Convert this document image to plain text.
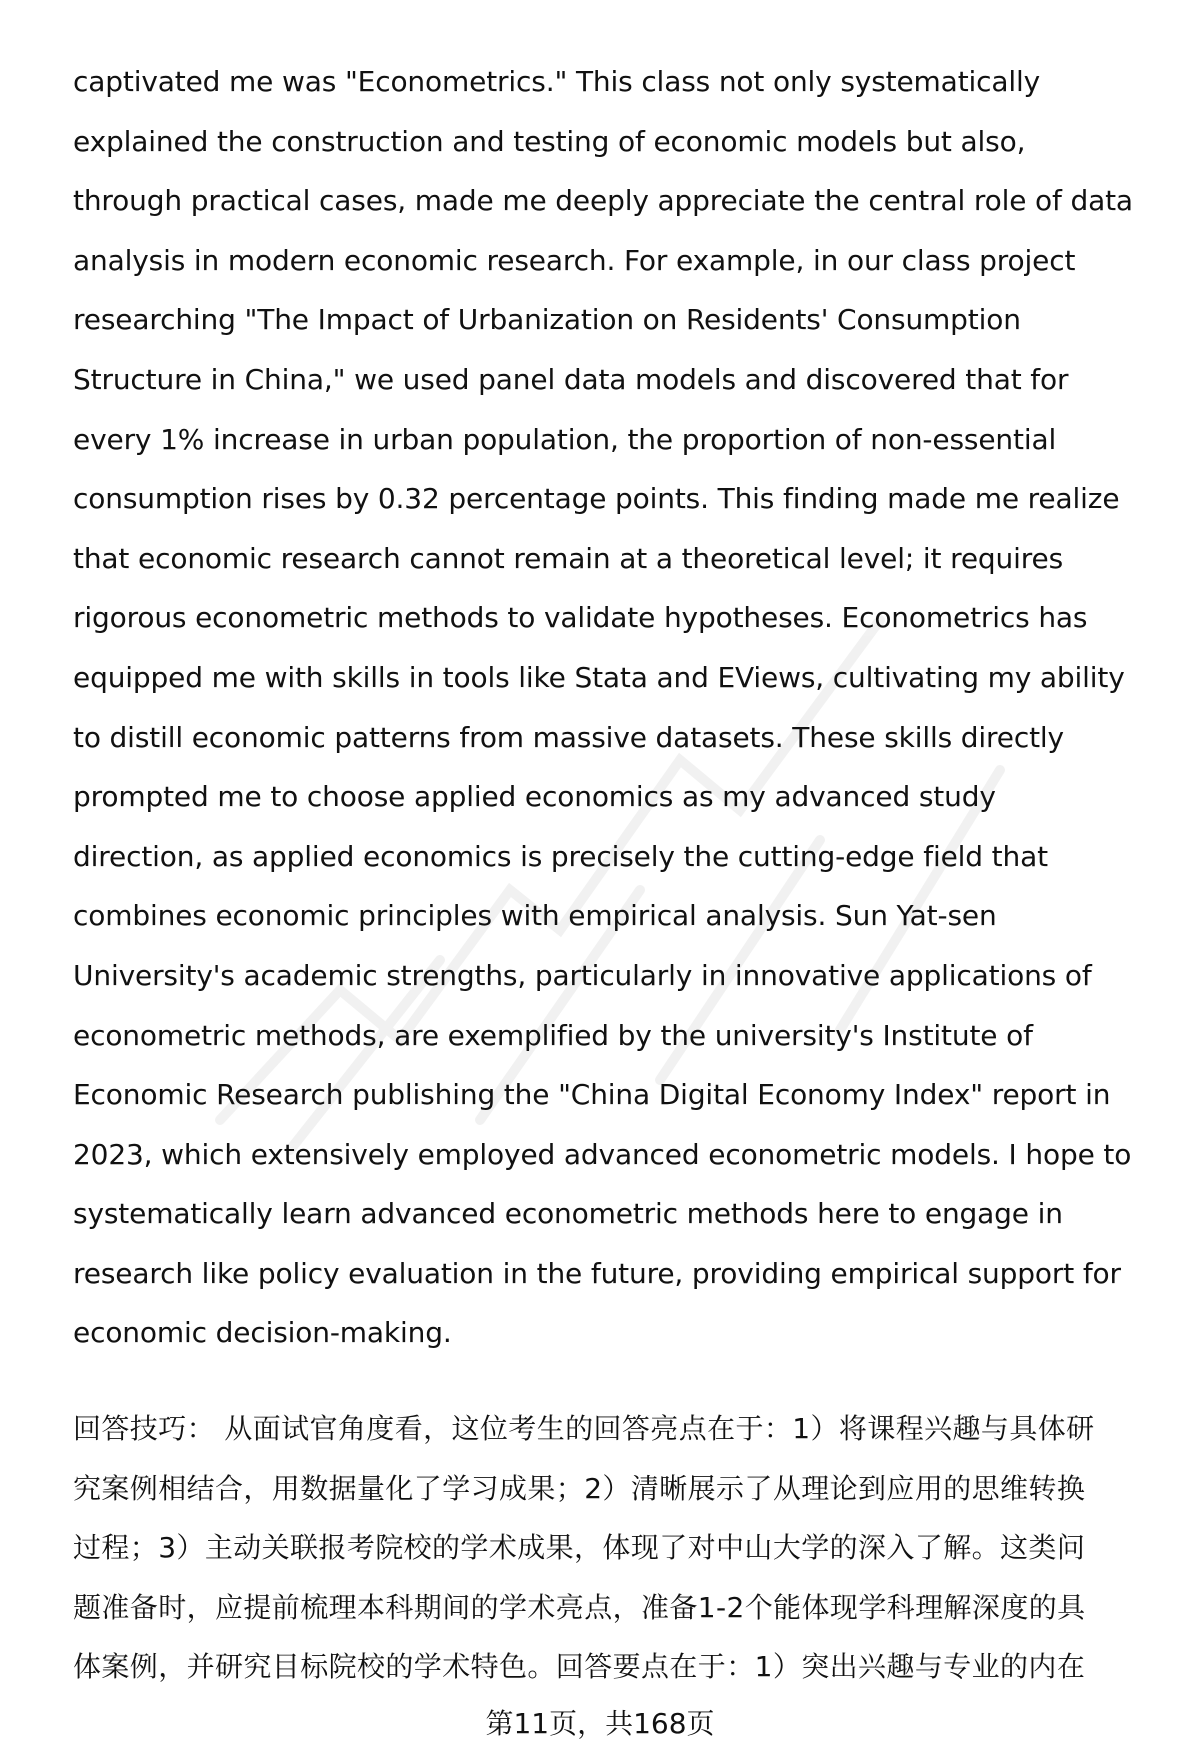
captivated me was "Econometrics." This class not only systematically
explained the construction and testing of economic models but also,
through practical cases, made me deeply appreciate the central role of data
analysis in modern economic research. For example, in our class project
researching "The Impact of Urbanization on Residents' Consumption
Structure in China," we used panel data models and discovered that for
every 1% increase in urban population, the proportion of non-essential
consumption rises by 0.32 percentage points. This finding made me realize
that economic research cannot remain at a theoretical level; it requires
rigorous econometric methods to validate hypotheses. Econometrics has
equipped me with skills in tools like Stata and EViews, cultivating my ability
to distill economic patterns from massive datasets. These skills directly
prompted me to choose applied economics as my advanced study
direction, as applied economics is precisely the cutting-edge field that
combines economic principles with empirical analysis. Sun Yat-sen
University's academic strengths, particularly in innovative applications of
econometric methods, are exemplified by the university's Institute of
Economic Research publishing the "China Digital Economy Index" report in
2023, which extensively employed advanced econometric models. I hope to
systematically learn advanced econometric methods here to engage in
research like policy evaluation in the future, providing empirical support for
economic decision-making.
回答技巧： 从面试官角度看，这位考生的回答亮点在于：1）将课程兴趣与具体研
究案例相结合，用数据量化了学习成果；2）清晰展示了从理论到应用的思维转换
过程；3）主动关联报考院校的学术成果，体现了对中山大学的深入了解。这类问
题准备时，应提前梳理本科期间的学术亮点，准备1-2个能体现学科理解深度的具
体案例，并研究目标院校的学术特色。回答要点在于：1）突出兴趣与专业的内在
第11页，共168页
